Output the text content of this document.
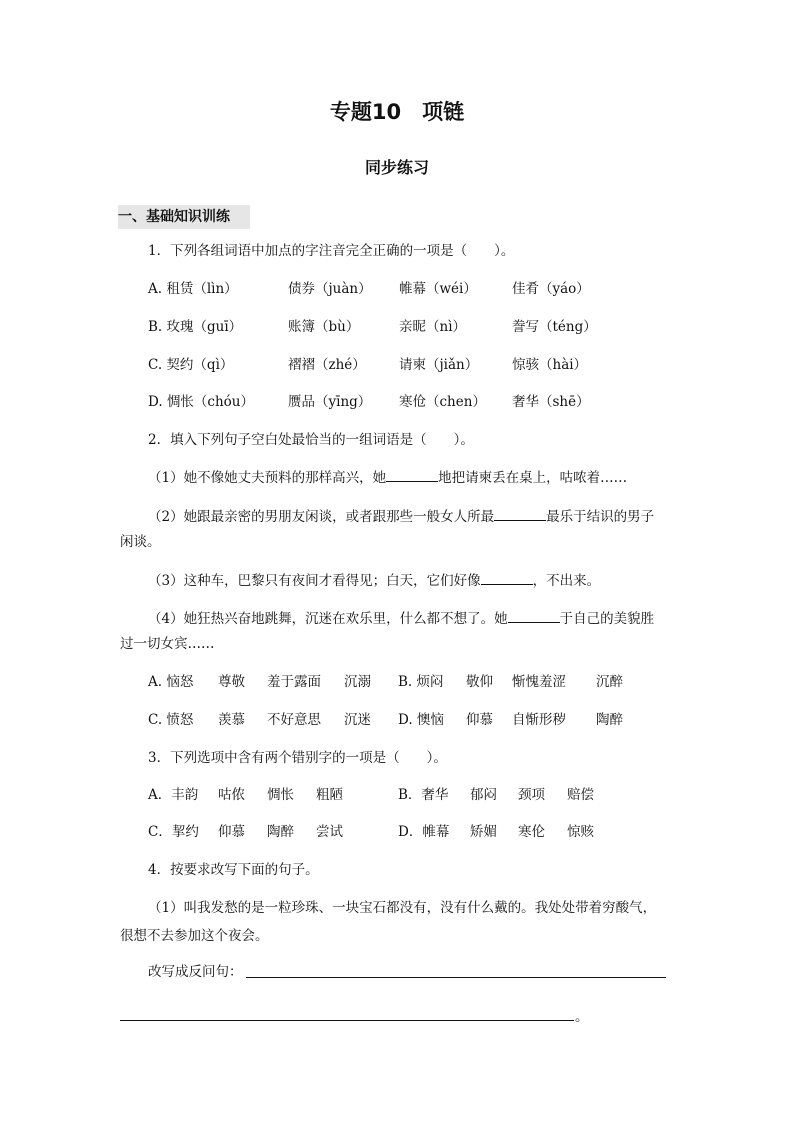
专题10　项链
同步练习
一、基础知识训练
1．下列各组词语中加点的字注音完全正确的一项是（　　）。
A. 租赁（lìn）	债券（juàn） 帷幕（wéi）	佳肴（yáo）
B. 玫瑰（guī）	账簿（bù）	亲昵（nì）	誊写（téng）
C. 契约（qì）	褶褶（zhé） 请柬（jiǎn）	惊骇（hài）
D. 惆怅（chóu）	赝品（yīng） 寒伧（chen） 奢华（shē）
2．填入下列句子空白处最恰当的一组词语是（　　）。
（1）她不像她丈夫预料的那样高兴，她	地把请柬丢在桌上，咕哝着……
（2）她跟最亲密的男朋友闲谈，或者跟那些一般女人所最	最乐于结识的男子
闲谈。
（3）这种车，巴黎只有夜间才看得见；白天，它们好像	，不出来。
（4）她狂热兴奋地跳舞，沉迷在欢乐里，什么都不想了。她	于自己的美貌胜
过一切女宾……
A. 恼怒 尊敬 羞于露面 沉溺 B. 烦闷 敬仰 惭愧羞涩 沉醉
C. 愤怒 羡慕 不好意思 沉迷 D. 懊恼 仰慕 自惭形秽 陶醉
3．下列选项中含有两个错别字的一项是（　　）。
A．丰韵 咕侬 惆怅 粗陋	B．奢华 郁闷 颈项 赔偿
C．挈约 仰慕 陶醉 尝试	D．帷幕 矫媚 寒伦 惊赅
4．按要求改写下面的句子。
（1）叫我发愁的是一粒珍珠、一块宝石都没有，没有什么戴的。我处处带着穷酸气，
很想不去参加这个夜会。
改写成反问句：
。
